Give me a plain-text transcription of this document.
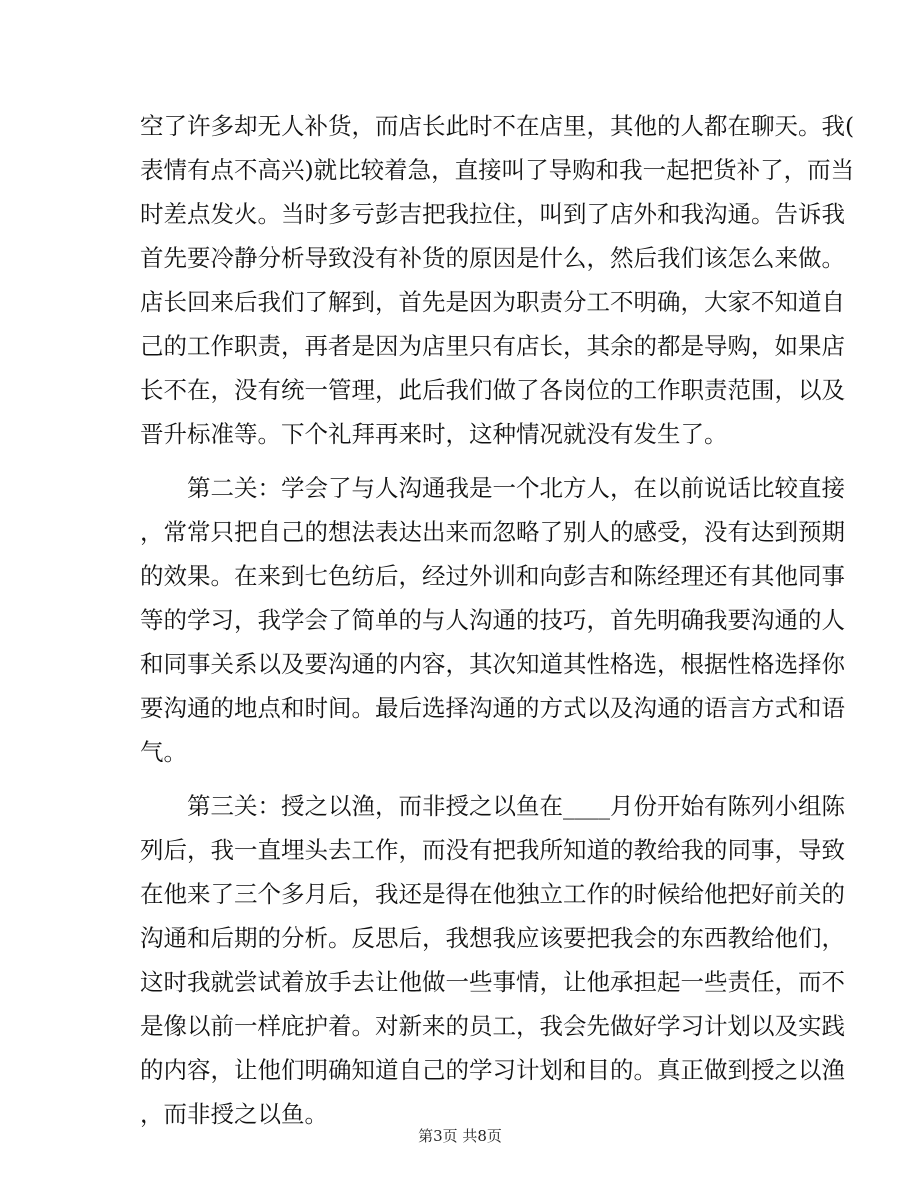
空了许多却无人补货，而店长此时不在店里，其他的人都在聊天。我(
表情有点不高兴)就比较着急，直接叫了导购和我一起把货补了，而当
时差点发火。当时多亏彭吉把我拉住，叫到了店外和我沟通。告诉我
首先要冷静分析导致没有补货的原因是什么，然后我们该怎么来做。
店长回来后我们了解到，首先是因为职责分工不明确，大家不知道自
己的工作职责，再者是因为店里只有店长，其余的都是导购，如果店
长不在，没有统一管理，此后我们做了各岗位的工作职责范围，以及
晋升标准等。下个礼拜再来时，这种情况就没有发生了。
第二关：学会了与人沟通我是一个北方人，在以前说话比较直接
，常常只把自己的想法表达出来而忽略了别人的感受，没有达到预期
的效果。在来到七色纺后，经过外训和向彭吉和陈经理还有其他同事
等的学习，我学会了简单的与人沟通的技巧，首先明确我要沟通的人
和同事关系以及要沟通的内容，其次知道其性格选，根据性格选择你
要沟通的地点和时间。最后选择沟通的方式以及沟通的语言方式和语
气。
第三关：授之以渔，而非授之以鱼在____月份开始有陈列小组陈
列后，我一直埋头去工作，而没有把我所知道的教给我的同事，导致
在他来了三个多月后，我还是得在他独立工作的时候给他把好前关的
沟通和后期的分析。反思后，我想我应该要把我会的东西教给他们，
这时我就尝试着放手去让他做一些事情，让他承担起一些责任，而不
是像以前一样庇护着。对新来的员工，我会先做好学习计划以及实践
的内容，让他们明确知道自己的学习计划和目的。真正做到授之以渔
，而非授之以鱼。
第3页 共8页
